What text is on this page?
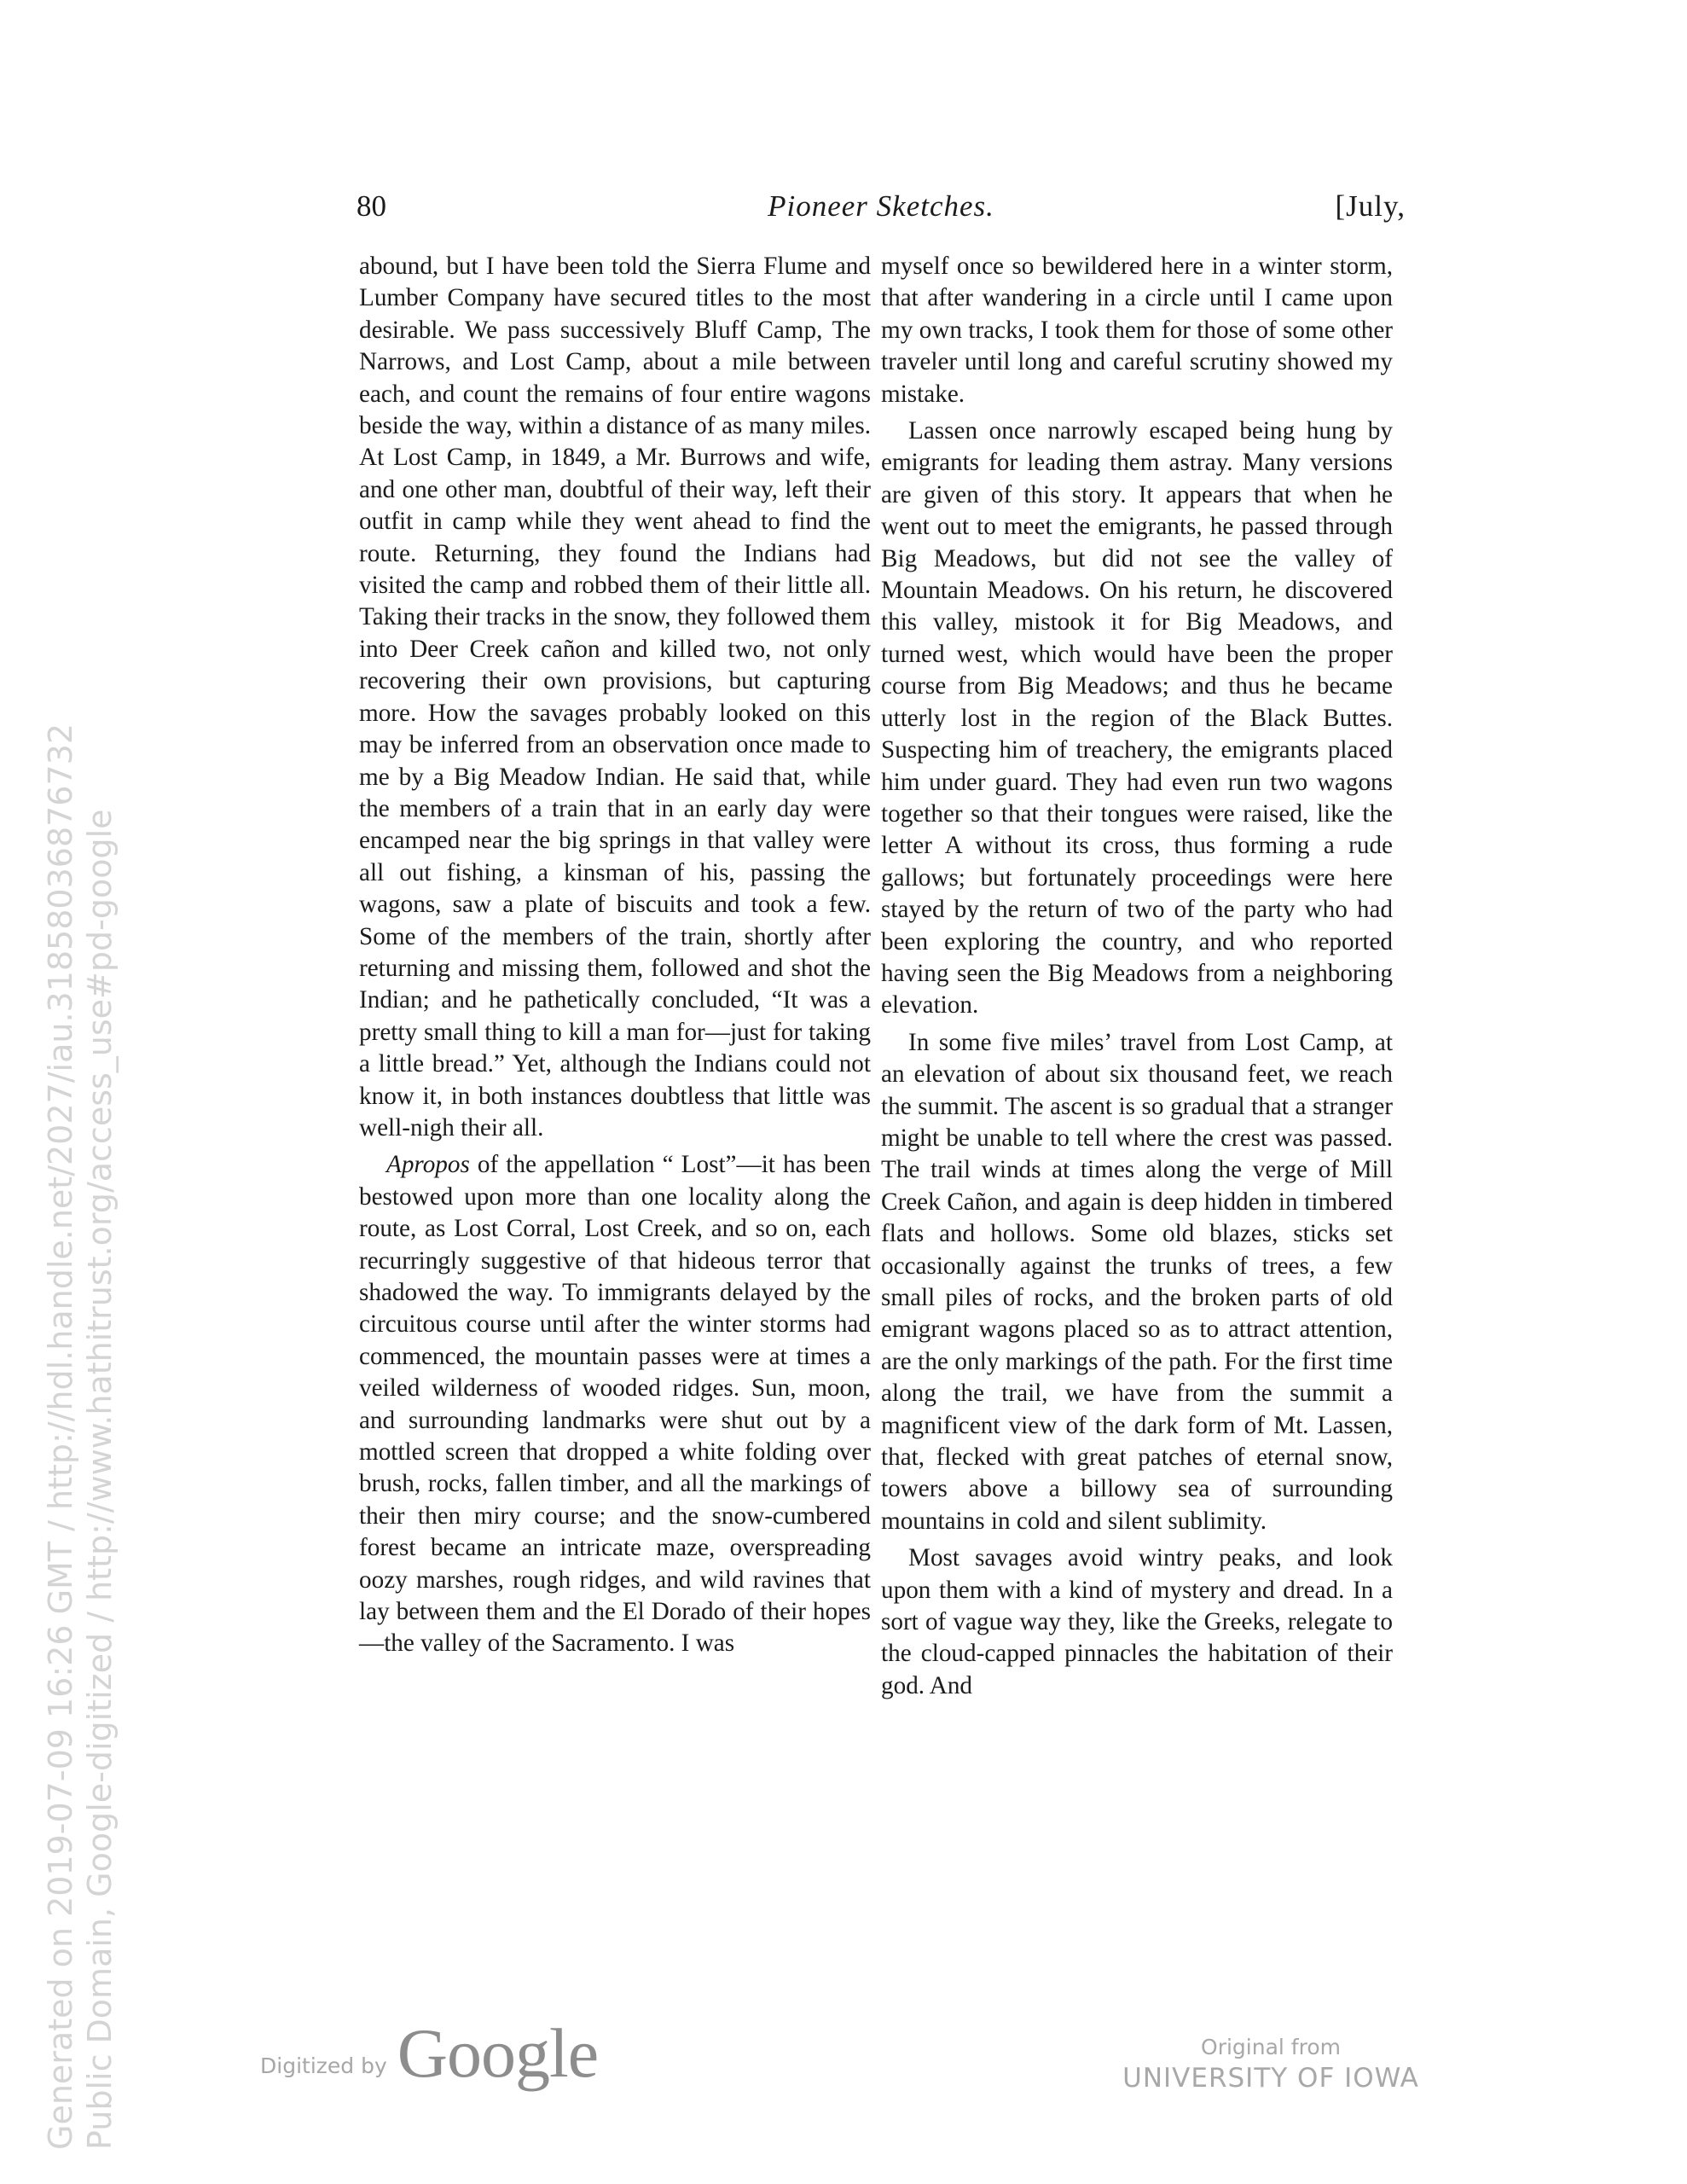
80	Pioneer Sketches.	[July,

abound, but I have been told the Sierra Flume and Lumber Company have secured titles to the most desirable. We pass successively Bluff Camp, The Narrows, and Lost Camp, about a mile between each, and count the remains of four entire wagons beside the way, within a distance of as many miles. At Lost Camp, in 1849, a Mr. Burrows and wife, and one other man, doubtful of their way, left their outfit in camp while they went ahead to find the route. Returning, they found the Indians had visited the camp and robbed them of their little all. Taking their tracks in the snow, they followed them into Deer Creek cañon and killed two, not only recovering their own provisions, but capturing more. How the savages probably looked on this may be inferred from an observation once made to me by a Big Meadow Indian. He said that, while the members of a train that in an early day were encamped near the big springs in that valley were all out fishing, a kinsman of his, passing the wagons, saw a plate of biscuits and took a few. Some of the members of the train, shortly after returning and missing them, followed and shot the Indian; and he pathetically concluded, “It was a pretty small thing to kill a man for—just for taking a little bread.” Yet, although the Indians could not know it, in both instances doubtless that little was well-nigh their all.

Apropos of the appellation “ Lost”—it has been bestowed upon more than one locality along the route, as Lost Corral, Lost Creek, and so on, each recurringly suggestive of that hideous terror that shadowed the way. To immigrants delayed by the circuitous course until after the winter storms had commenced, the mountain passes were at times a veiled wilderness of wooded ridges. Sun, moon, and surrounding landmarks were shut out by a mottled screen that dropped a white folding over brush, rocks, fallen timber, and all the markings of their then miry course; and the snow-cumbered forest became an intricate maze, overspreading oozy marshes, rough ridges, and wild ravines that lay between them and the El Dorado of their hopes—the valley of the Sacramento. I was

myself once so bewildered here in a winter storm, that after wandering in a circle until I came upon my own tracks, I took them for those of some other traveler until long and careful scrutiny showed my mistake.

Lassen once narrowly escaped being hung by emigrants for leading them astray. Many versions are given of this story. It appears that when he went out to meet the emigrants, he passed through Big Meadows, but did not see the valley of Mountain Meadows. On his return, he discovered this valley, mistook it for Big Meadows, and turned west, which would have been the proper course from Big Meadows; and thus he became utterly lost in the region of the Black Buttes. Suspecting him of treachery, the emigrants placed him under guard. They had even run two wagons together so that their tongues were raised, like the letter A without its cross, thus forming a rude gallows; but fortunately proceedings were here stayed by the return of two of the party who had been exploring the country, and who reported having seen the Big Meadows from a neighboring elevation.

In some five miles’ travel from Lost Camp, at an elevation of about six thousand feet, we reach the summit. The ascent is so gradual that a stranger might be unable to tell where the crest was passed. The trail winds at times along the verge of Mill Creek Cañon, and again is deep hidden in timbered flats and hollows. Some old blazes, sticks set occasionally against the trunks of trees, a few small piles of rocks, and the broken parts of old emigrant wagons placed so as to attract attention, are the only markings of the path. For the first time along the trail, we have from the summit a magnificent view of the dark form of Mt. Lassen, that, flecked with great patches of eternal snow, towers above a billowy sea of surrounding mountains in cold and silent sublimity.

Most savages avoid wintry peaks, and look upon them with a kind of mystery and dread. In a sort of vague way they, like the Greeks, relegate to the cloud-capped pinnacles the habitation of their god. And

Generated on 2019-07-09 16:26 GMT / http://hdl.handle.net/2027/iau.31858036876732 Public Domain, Google-digitized / http://www.hathitrust.org/access_use#pd-google	Digitized by Google	Original from
UNIVERSITY OF IOWA
